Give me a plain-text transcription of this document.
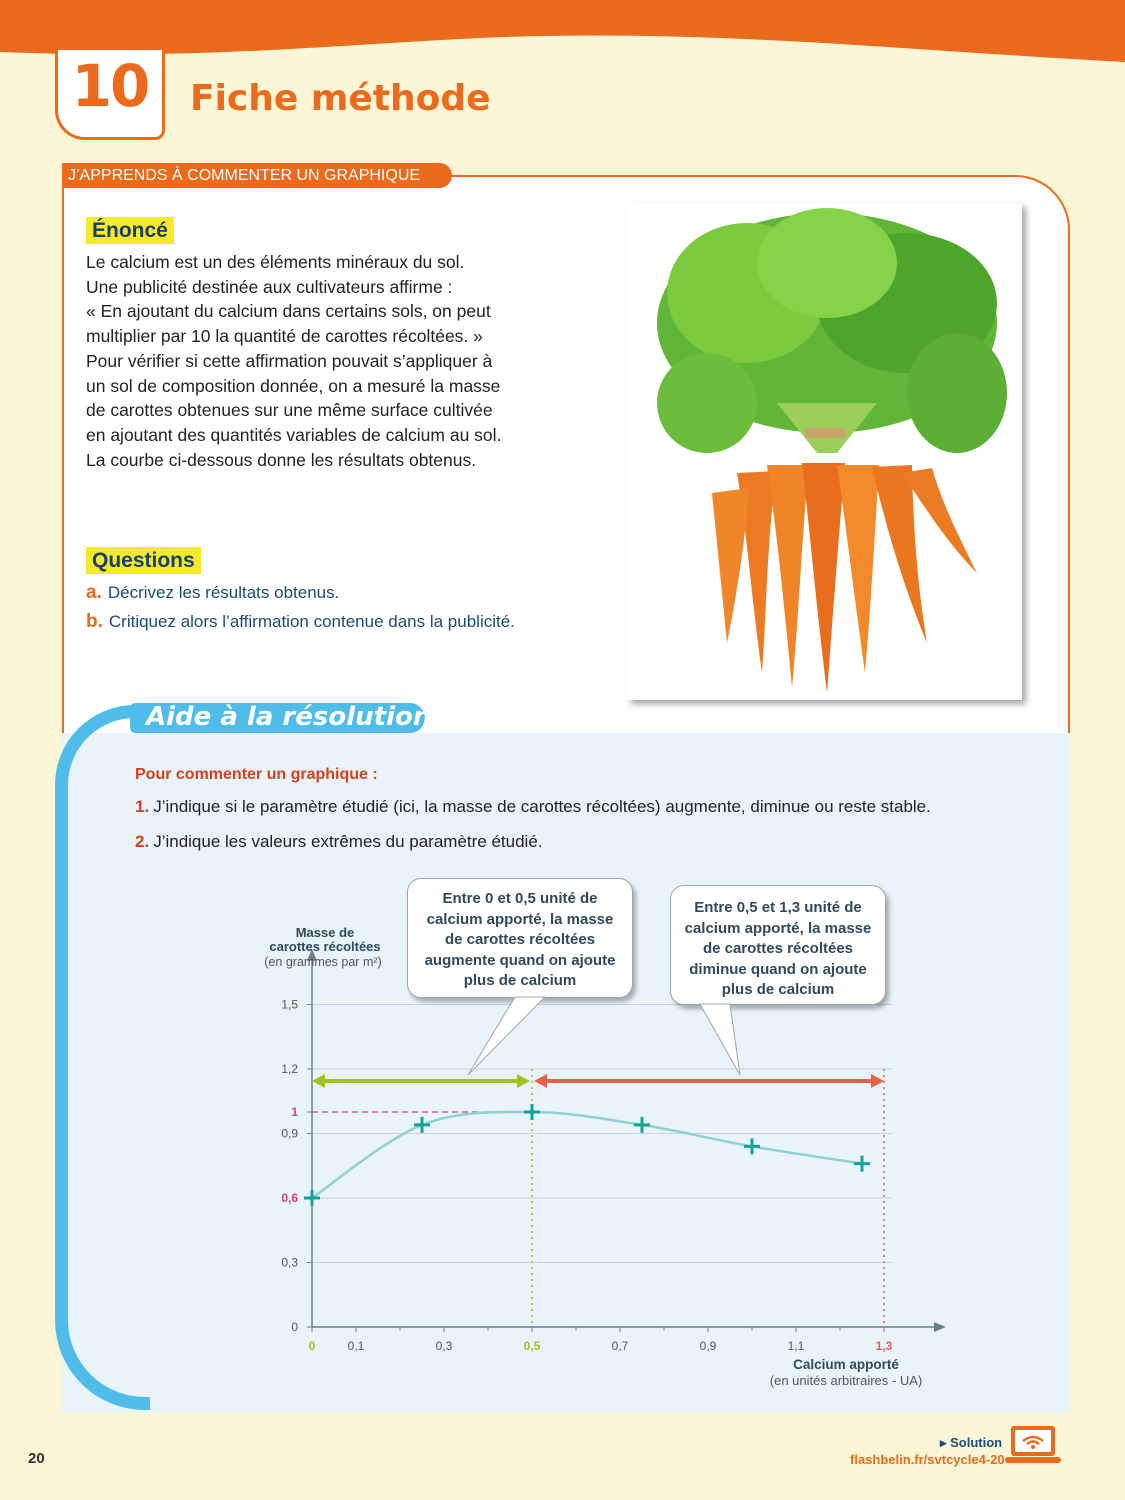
10	Fiche méthode
J’APPRENDS À COMMENTER UN GRAPHIQUE
Énoncé
Le calcium est un des éléments minéraux du sol.
Une publicité destinée aux cultivateurs affirme :
« En ajoutant du calcium dans certains sols, on peut
multiplier par 10 la quantité de carottes récoltées. »
Pour vérifier si cette affirmation pouvait s’appliquer à
un sol de composition donnée, on a mesuré la masse
de carottes obtenues sur une même surface cultivée
en ajoutant des quantités variables de calcium au sol.
La courbe ci-dessous donne les résultats obtenus.
Questions
a. Décrivez les résultats obtenus.
b. Critiquez alors l’affirmation contenue dans la publicité.
Aide à la résolution
Pour commenter un graphique :
1. J’indique si le paramètre étudié (ici, la masse de carottes récoltées) augmente, diminue ou reste stable.
2. J’indique les valeurs extrêmes du paramètre étudié.
0	0,1	0,3	0,5	0,7	0,9	1,1	1,3
0
0,3
0,6
0,9
1
1,2
1,5
Masse de
carottes récoltées
(en grammes par m²)
Calcium apporté
(en unités arbitraires - UA)
Entre 0 et 0,5 unité de
calcium apporté, la masse
de carottes récoltées
augmente quand on ajoute
plus de calcium
Entre 0,5 et 1,3 unité de
calcium apporté, la masse
de carottes récoltées
diminue quand on ajoute
plus de calcium
20
▸ Solution
flashbelin.fr/svtcycle4-20
